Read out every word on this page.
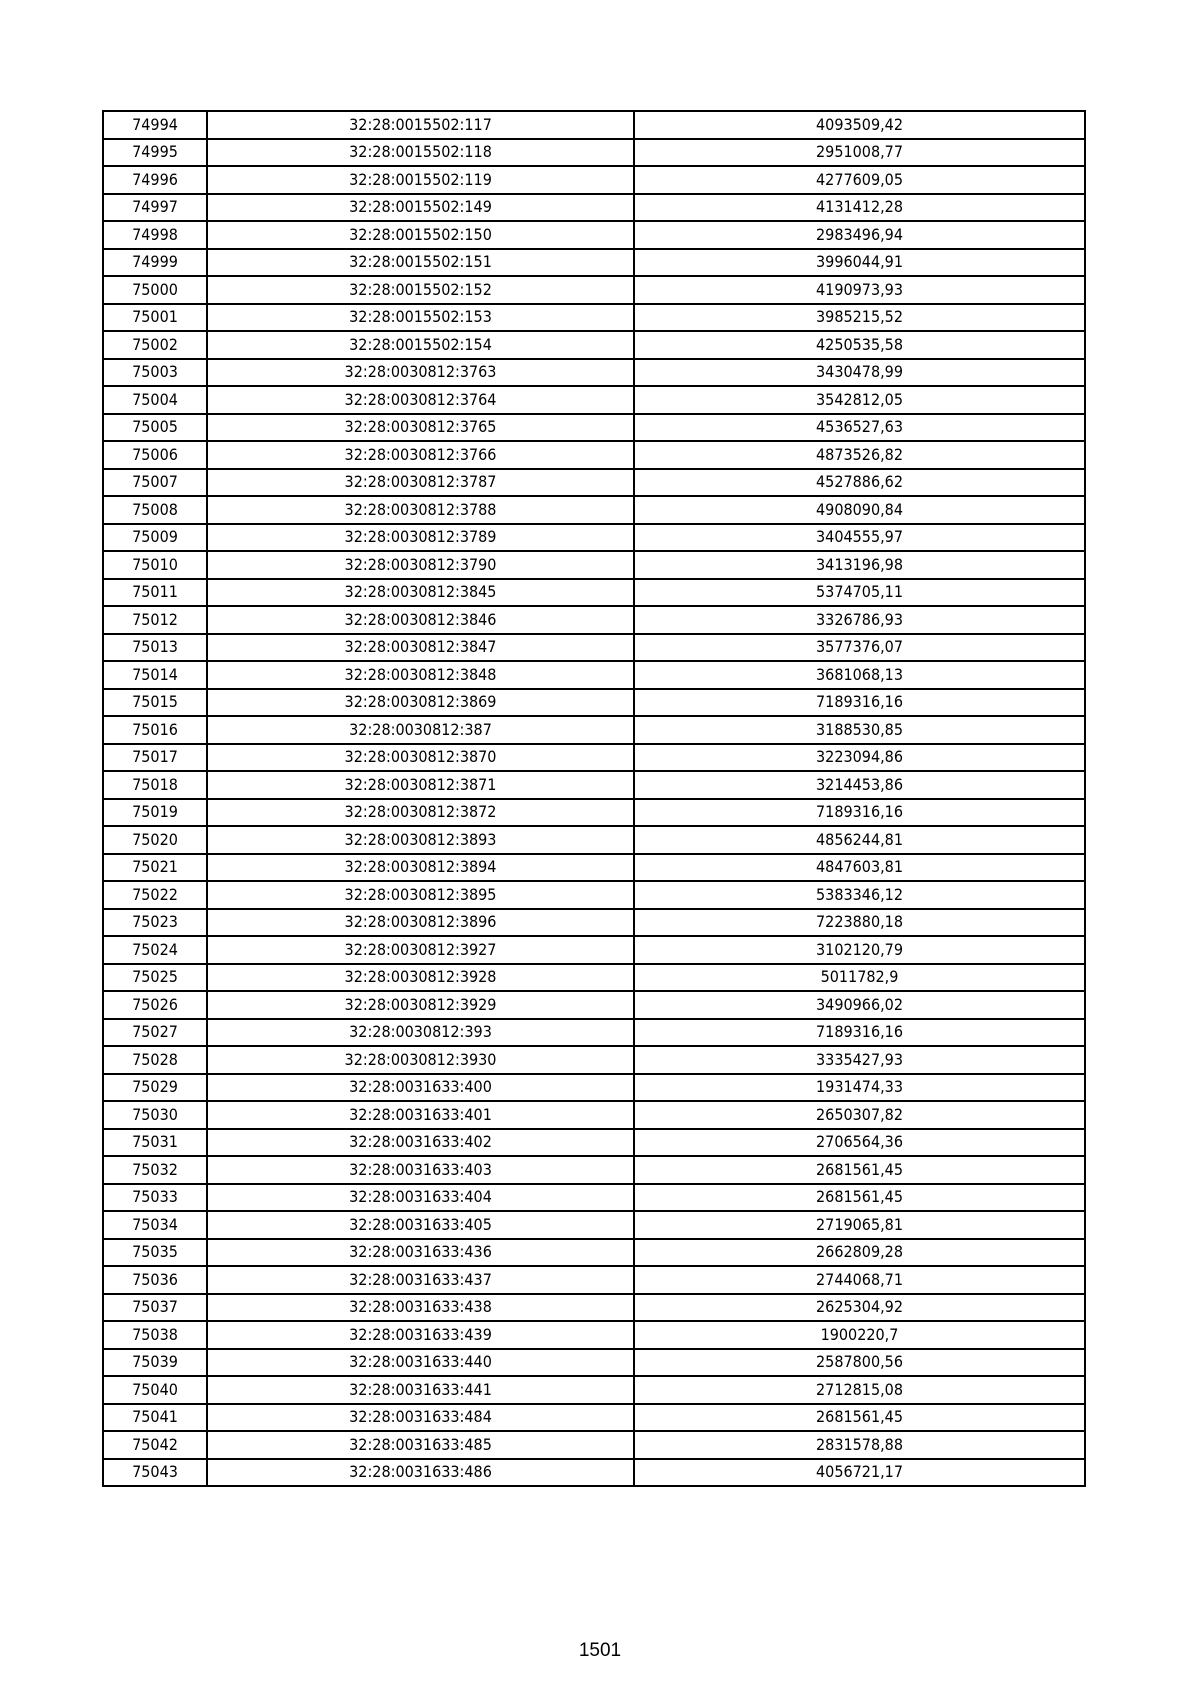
74994	32:28:0015502:117	4093509,42
74995	32:28:0015502:118	2951008,77
74996	32:28:0015502:119	4277609,05
74997	32:28:0015502:149	4131412,28
74998	32:28:0015502:150	2983496,94
74999	32:28:0015502:151	3996044,91
75000	32:28:0015502:152	4190973,93
75001	32:28:0015502:153	3985215,52
75002	32:28:0015502:154	4250535,58
75003	32:28:0030812:3763	3430478,99
75004	32:28:0030812:3764	3542812,05
75005	32:28:0030812:3765	4536527,63
75006	32:28:0030812:3766	4873526,82
75007	32:28:0030812:3787	4527886,62
75008	32:28:0030812:3788	4908090,84
75009	32:28:0030812:3789	3404555,97
75010	32:28:0030812:3790	3413196,98
75011	32:28:0030812:3845	5374705,11
75012	32:28:0030812:3846	3326786,93
75013	32:28:0030812:3847	3577376,07
75014	32:28:0030812:3848	3681068,13
75015	32:28:0030812:3869	7189316,16
75016	32:28:0030812:387	3188530,85
75017	32:28:0030812:3870	3223094,86
75018	32:28:0030812:3871	3214453,86
75019	32:28:0030812:3872	7189316,16
75020	32:28:0030812:3893	4856244,81
75021	32:28:0030812:3894	4847603,81
75022	32:28:0030812:3895	5383346,12
75023	32:28:0030812:3896	7223880,18
75024	32:28:0030812:3927	3102120,79
75025	32:28:0030812:3928	5011782,9
75026	32:28:0030812:3929	3490966,02
75027	32:28:0030812:393	7189316,16
75028	32:28:0030812:3930	3335427,93
75029	32:28:0031633:400	1931474,33
75030	32:28:0031633:401	2650307,82
75031	32:28:0031633:402	2706564,36
75032	32:28:0031633:403	2681561,45
75033	32:28:0031633:404	2681561,45
75034	32:28:0031633:405	2719065,81
75035	32:28:0031633:436	2662809,28
75036	32:28:0031633:437	2744068,71
75037	32:28:0031633:438	2625304,92
75038	32:28:0031633:439	1900220,7
75039	32:28:0031633:440	2587800,56
75040	32:28:0031633:441	2712815,08
75041	32:28:0031633:484	2681561,45
75042	32:28:0031633:485	2831578,88
75043	32:28:0031633:486	4056721,17
1501
